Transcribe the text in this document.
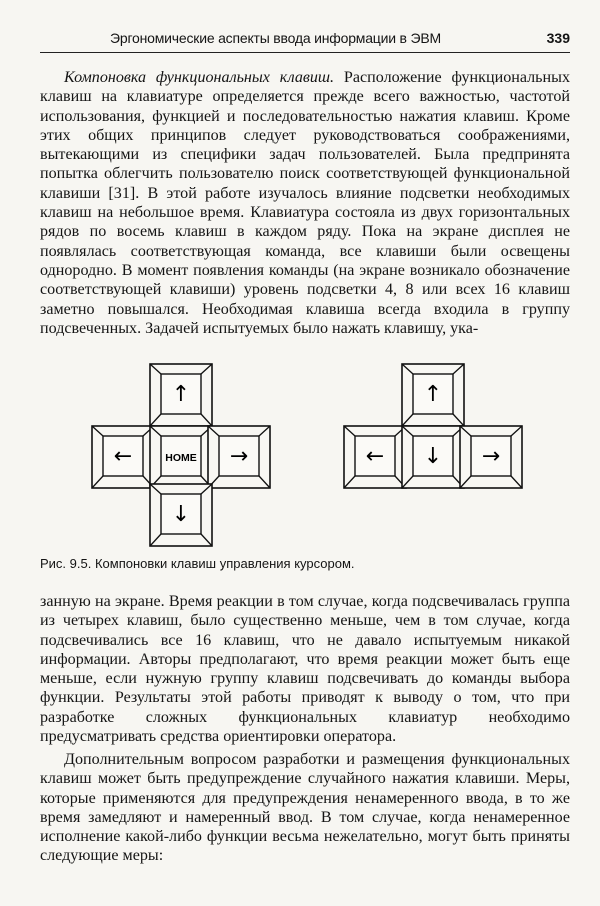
Эргономические аспекты ввода информации в ЭВМ	339

Компоновка функциональных клавиш. Расположение функциональных клавиш на клавиатуре определяется прежде всего важностью, частотой использования, функцией и последовательностью нажатия клавиш. Кроме этих общих принципов следует руководствоваться соображениями, вытекающими из специфики задач пользователей. Была предпринята попытка облегчить пользователю поиск соответствующей функциональной клавиши [31]. В этой работе изучалось влияние подсветки необходимых клавиш на небольшое время. Клавиатура состояла из двух горизонтальных рядов по восемь клавиш в каждом ряду. Пока на экране дисплея не появлялась соответствующая команда, все клавиши были освещены однородно. В момент появления команды (на экране возникало обозначение соответствующей клавиши) уровень подсветки 4, 8 или всех 16 клавиш заметно повышался. Необходимая клавиша всегда входила в группу подсвеченных. Задачей испытуемых было нажать клавишу, ука-

↑
←	HOME →
↓
↑
← ↓ →
Рис. 9.5. Компоновки клавиш управления курсором.

занную на экране. Время реакции в том случае, когда подсвечивалась группа из четырех клавиш, было существенно меньше, чем в том случае, когда подсвечивались все 16 клавиш, что не давало испытуемым никакой информации. Авторы предполагают, что время реакции может быть еще меньше, если нужную группу клавиш подсвечивать до команды выбора функции. Результаты этой работы приводят к выводу о том, что при разработке сложных функциональных клавиатур необходимо предусматривать средства ориентировки оператора.

Дополнительным вопросом разработки и размещения функциональных клавиш может быть предупреждение случайного нажатия клавиши. Меры, которые применяются для предупреждения ненамеренного ввода, в то же время замедляют и намеренный ввод. В том случае, когда ненамеренное исполнение какой-либо функции весьма нежелательно, могут быть приняты следующие меры:
